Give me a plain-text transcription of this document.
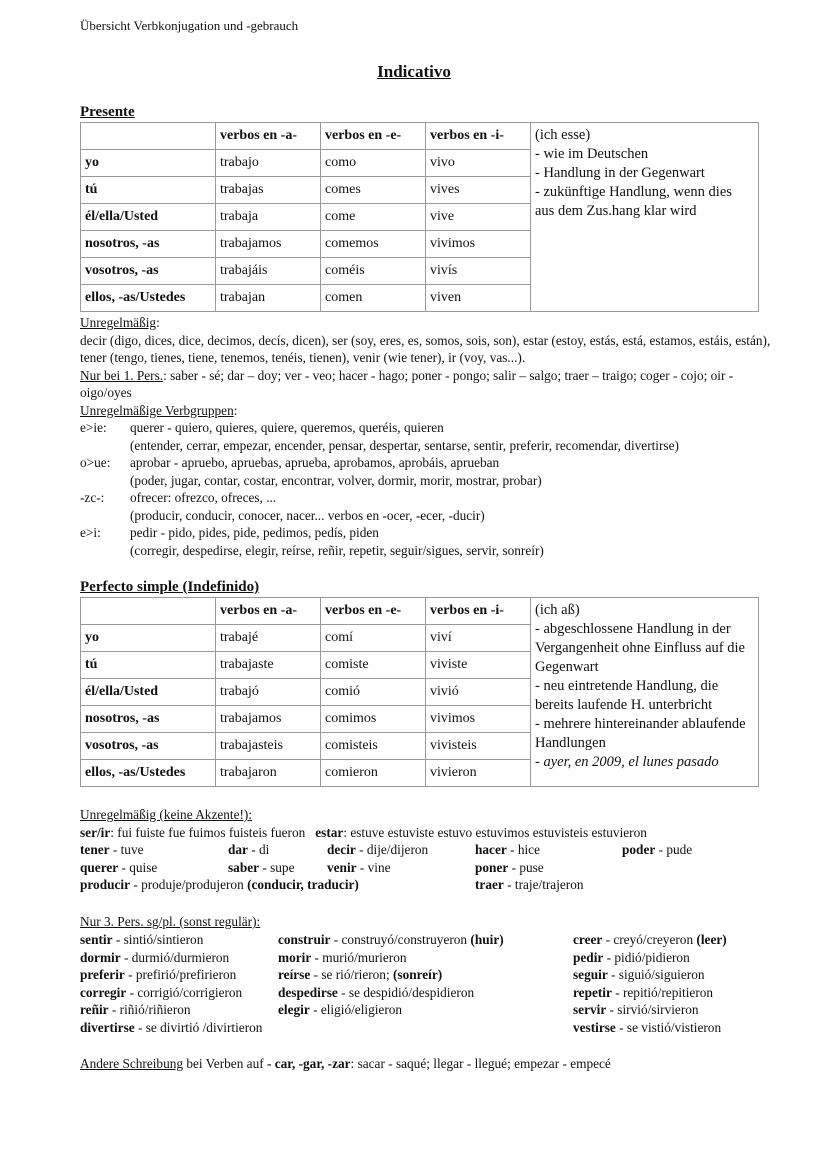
Übersicht Verbkonjugation und -gebrauch
Indicativo
Presente
	verbos en -a-	verbos en -e-	verbos en -i-	(ich esse)
- wie im Deutschen
- Handlung in der Gegenwart
- zukünftige Handlung, wenn dies aus dem Zus.hang klar wird

yo	trabajo	como	vivo	
tú	trabajas	comes	vives	
él/ella/Usted	trabaja	come	vive	
nosotros, -as	trabajamos	comemos	vivimos	
vosotros, -as	trabajáis	coméis	vivís	
ellos, -as/Ustedes	trabajan	comen	viven	
Unregelmäßig:
decir (digo, dices, dice, decimos, decís, dicen), ser (soy, eres, es, somos, sois, son), estar (estoy, estás, está, estamos, estáis, están), tener (tengo, tienes, tiene, tenemos, tenéis, tienen), venir (wie tener), ir (voy, vas...).
Nur bei 1. Pers.: saber - sé; dar – doy; ver - veo; hacer - hago; poner - pongo; salir – salgo; traer – traigo; coger - cojo; oir - oigo/oyes
Unregelmäßige Verbgruppen:
e>ie: querer - quiero, quieres, quiere, queremos, queréis, quieren
(entender, cerrar, empezar, encender, pensar, despertar, sentarse, sentir, preferir, recomendar, divertirse)
o>ue: aprobar - apruebo, apruebas, aprueba, aprobamos, aprobáis, aprueban
(poder, jugar, contar, costar, encontrar, volver, dormir, morir, mostrar, probar)
-zc-: ofrecer: ofrezco, ofreces, ...
(producir, conducir, conocer, nacer... verbos en -ocer, -ecer, -ducir)
e>i: pedir - pido, pides, pide, pedimos, pedís, piden
(corregir, despedirse, elegir, reírse, reñir, repetir, seguir/sigues, servir, sonreír)
Perfecto simple (Indefinido)
	verbos en -a-	verbos en -e-	verbos en -i-	(ich aß)
- abgeschlossene Handlung in der Vergangenheit ohne Einfluss auf die Gegenwart
- neu eintretende Handlung, die bereits laufende H. unterbricht
- mehrere hintereinander ablaufende Handlungen
- ayer, en 2009, el lunes pasado

yo	trabajé	comí	viví	
tú	trabajaste	comiste	viviste	
él/ella/Usted	trabajó	comió	vivió	
nosotros, -as	trabajamos	comimos	vivimos	
vosotros, -as	trabajasteis	comisteis	vivisteis	
ellos, -as/Ustedes	trabajaron	comieron	vivieron	
Unregelmäßig (keine Akzente!):
ser/ir: fui fuiste fue fuimos fuisteis fueron estar: estuve estuviste estuvo estuvimos estuvisteis estuvieron
tener - tuve	dar - di	decir - dije/dijeron	hacer - hice	poder - pude
querer - quise	saber - supe venir - vine	poner - puse
producir - produje/produjeron (conducir, traducir)	traer - traje/trajeron
Nur 3. Pers. sg/pl. (sonst regulär):
sentir - sintió/sintieron	construir - construyó/construyeron (huir)	creer - creyó/creyeron (leer)
dormir - durmió/durmieron	morir - murió/murieron	pedir - pidió/pidieron
preferir - prefirió/prefirieron	reírse - se rió/rieron; (sonreír)	seguir - siguió/siguieron
corregir - corrigió/corrigieron	despedirse - se despidió/despidieron	repetir - repitió/repitieron
reñir - riñió/riñieron	elegir - eligió/eligieron	servir - sirvió/sirvieron
divertirse - se divirtió /divirtieron	vestirse - se vistió/vistieron
Andere Schreibung bei Verben auf - car, -gar, -zar: sacar - saqué; llegar - llegué; empezar - empecé
